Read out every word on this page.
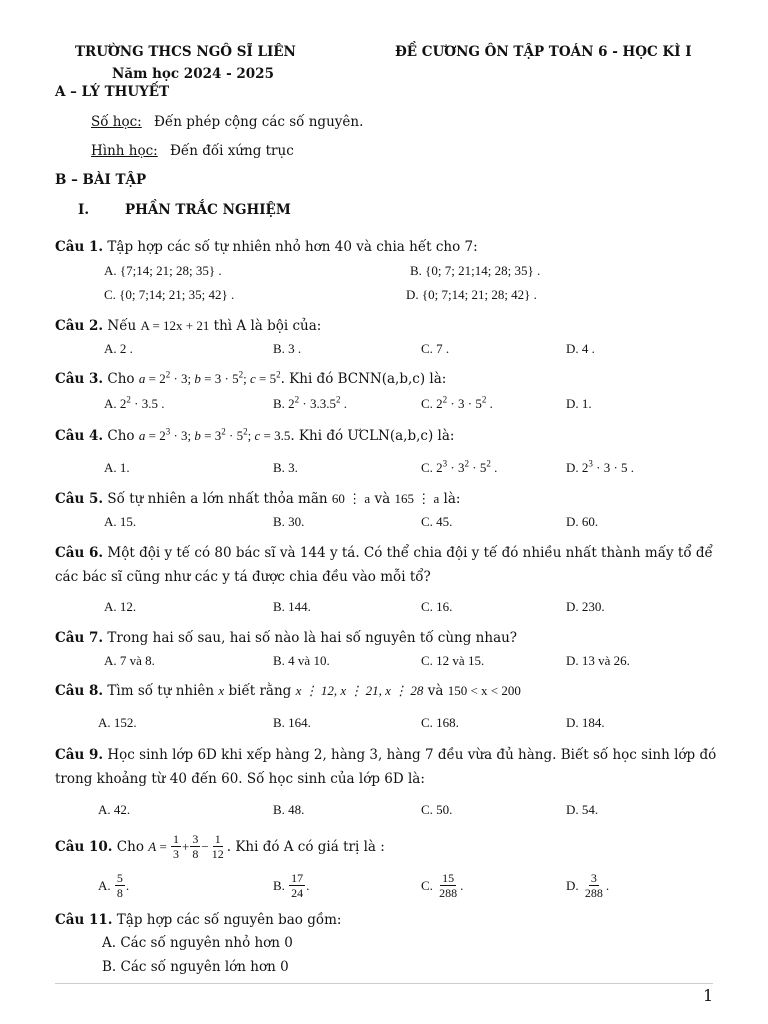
TRƯỜNG THCS NGÔ SĨ LIÊN
Năm học 2024 - 2025
ĐỀ CƯƠNG ÔN TẬP TOÁN 6 - HỌC KÌ I
A – LÝ THUYẾT
Số học: Đến phép cộng các số nguyên.
Hình học: Đến đối xứng trục
B – BÀI TẬP
I.	PHẦN TRẮC NGHIỆM
Câu 1. Tập hợp các số tự nhiên nhỏ hơn 40 và chia hết cho 7:
A. {7;14; 21; 28; 35} .	B. {0; 7; 21;14; 28; 35} .
C. {0; 7;14; 21; 35; 42} .	D. {0; 7;14; 21; 28; 42} .
Câu 2. Nếu A = 12x + 21 thì A là bội của:
A. 2 .	B. 3 .	C. 7 .	D. 4 .
Câu 3. Cho $a = 2^2 \cdot 3$; $b = 3 \cdot 5^2$; $c = 5^2$. Khi đó BCNN(a,b,c) là:
A. $2^2 \cdot 3.5$ .	B. $2^2 \cdot 3.3.5^2$ .	C. $2^2 \cdot 3 \cdot 5^2$ .	D. 1.
Câu 4. Cho $a = 2^3 \cdot 3$; $b = 3^2 \cdot 5^2$; c = 3.5. Khi đó ƯCLN(a,b,c) là:
A. 1.	B. 3.	C. $2^3 \cdot 3^2 \cdot 5^2$ .	D. $2^3 \cdot 3 \cdot 5$ .
Câu 5. Số tự nhiên a lớn nhất thỏa mãn 60 ⋮ a và 165 ⋮ a là:
A. 15.	B. 30.	C. 45.	D. 60.
Câu 6. Một đội y tế có 80 bác sĩ và 144 y tá. Có thể chia đội y tế đó nhiều nhất thành mấy tổ để
các bác sĩ cũng như các y tá được chia đều vào mỗi tổ?
A. 12.	B. 144.	C. 16.	D. 230.
Câu 7. Trong hai số sau, hai số nào là hai số nguyên tố cùng nhau?
A. 7 và 8.	B. 4 và 10.	C. 12 và 15.	D. 13 và 26.
Câu 8. Tìm số tự nhiên x biết rằng x ⋮ 12, x ⋮ 21, x ⋮ 28 và 150 < x < 200
A. 152.	B. 164.	C. 168.	D. 184.
Câu 9. Học sinh lớp 6D khi xếp hàng 2, hàng 3, hàng 7 đều vừa đủ hàng. Biết số học sinh lớp đó
trong khoảng từ 40 đến 60. Số học sinh của lớp 6D là:
A. 42.	B. 48.	C. 50.	D. 54.
Câu 10.
Cho
$A = \frac{1}{3} + \frac{3}{8} - \frac{1}{12}$ . Khi đó A có giá trị là :
A.
$\frac{5}{8}$ .	B.
$\frac{17}{24}$ .	C.
$\frac{15}{288}$ .	D.
$\frac{3}{288}$ .
Câu 11. Tập hợp các số nguyên bao gồm:
A. Các số nguyên nhỏ hơn 0
B. Các số nguyên lớn hơn 0
1
